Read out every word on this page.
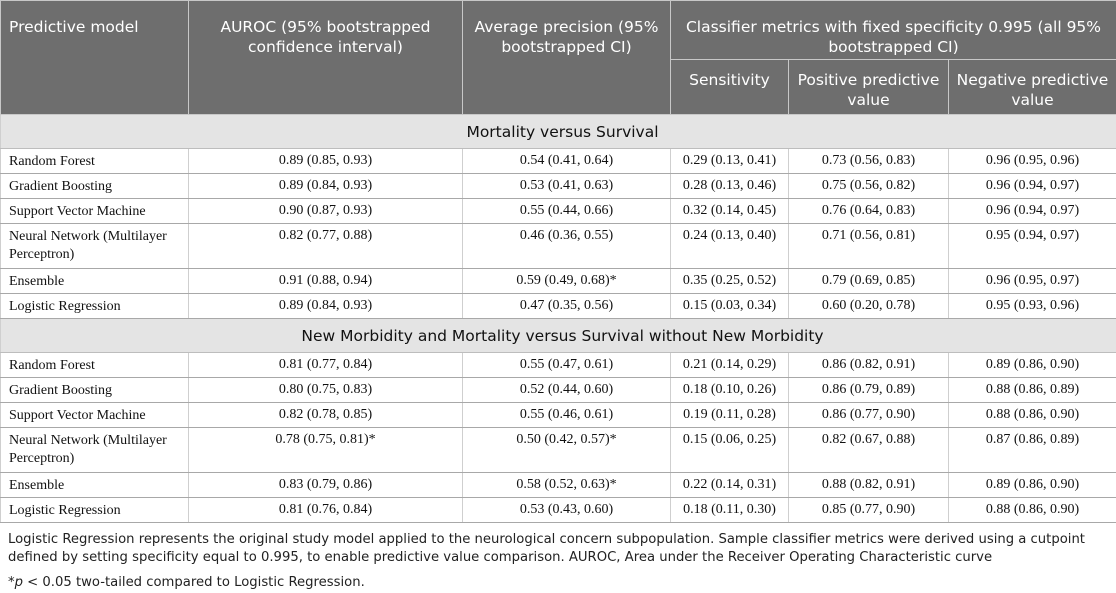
Predictive model	AUROC (95% bootstrapped confidence interval)	Average precision (95% bootstrapped CI)	Classifier metrics with fixed specificity 0.995 (all 95% bootstrapped CI)		
			Sensitivity	Positive predictive value	Negative predictive value
Mortality versus Survival					
Random Forest	0.89 (0.85, 0.93)	0.54 (0.41, 0.64)	0.29 (0.13, 0.41)	0.73 (0.56, 0.83)	0.96 (0.95, 0.96)
Gradient Boosting	0.89 (0.84, 0.93)	0.53 (0.41, 0.63)	0.28 (0.13, 0.46)	0.75 (0.56, 0.82)	0.96 (0.94, 0.97)
Support Vector Machine	0.90 (0.87, 0.93)	0.55 (0.44, 0.66)	0.32 (0.14, 0.45)	0.76 (0.64, 0.83)	0.96 (0.94, 0.97)
Neural Network (Multilayer Perceptron)	0.82 (0.77, 0.88)	0.46 (0.36, 0.55)	0.24 (0.13, 0.40)	0.71 (0.56, 0.81)	0.95 (0.94, 0.97)
Ensemble	0.91 (0.88, 0.94)	0.59 (0.49, 0.68)*	0.35 (0.25, 0.52)	0.79 (0.69, 0.85)	0.96 (0.95, 0.97)
Logistic Regression	0.89 (0.84, 0.93)	0.47 (0.35, 0.56)	0.15 (0.03, 0.34)	0.60 (0.20, 0.78)	0.95 (0.93, 0.96)
New Morbidity and Mortality versus Survival without New Morbidity					
Random Forest	0.81 (0.77, 0.84)	0.55 (0.47, 0.61)	0.21 (0.14, 0.29)	0.86 (0.82, 0.91)	0.89 (0.86, 0.90)
Gradient Boosting	0.80 (0.75, 0.83)	0.52 (0.44, 0.60)	0.18 (0.10, 0.26)	0.86 (0.79, 0.89)	0.88 (0.86, 0.89)
Support Vector Machine	0.82 (0.78, 0.85)	0.55 (0.46, 0.61)	0.19 (0.11, 0.28)	0.86 (0.77, 0.90)	0.88 (0.86, 0.90)
Neural Network (Multilayer Perceptron)	0.78 (0.75, 0.81)*	0.50 (0.42, 0.57)*	0.15 (0.06, 0.25)	0.82 (0.67, 0.88)	0.87 (0.86, 0.89)
Ensemble	0.83 (0.79, 0.86)	0.58 (0.52, 0.63)*	0.22 (0.14, 0.31)	0.88 (0.82, 0.91)	0.89 (0.86, 0.90)
Logistic Regression	0.81 (0.76, 0.84)	0.53 (0.43, 0.60)	0.18 (0.11, 0.30)	0.85 (0.77, 0.90)	0.88 (0.86, 0.90)
Logistic Regression represents the original study model applied to the neurological concern subpopulation. Sample classifier metrics were derived using a cutpoint defined by setting specificity equal to 0.995, to enable predictive value comparison. AUROC, Area under the Receiver Operating Characteristic curve
*p < 0.05 two-tailed compared to Logistic Regression.
